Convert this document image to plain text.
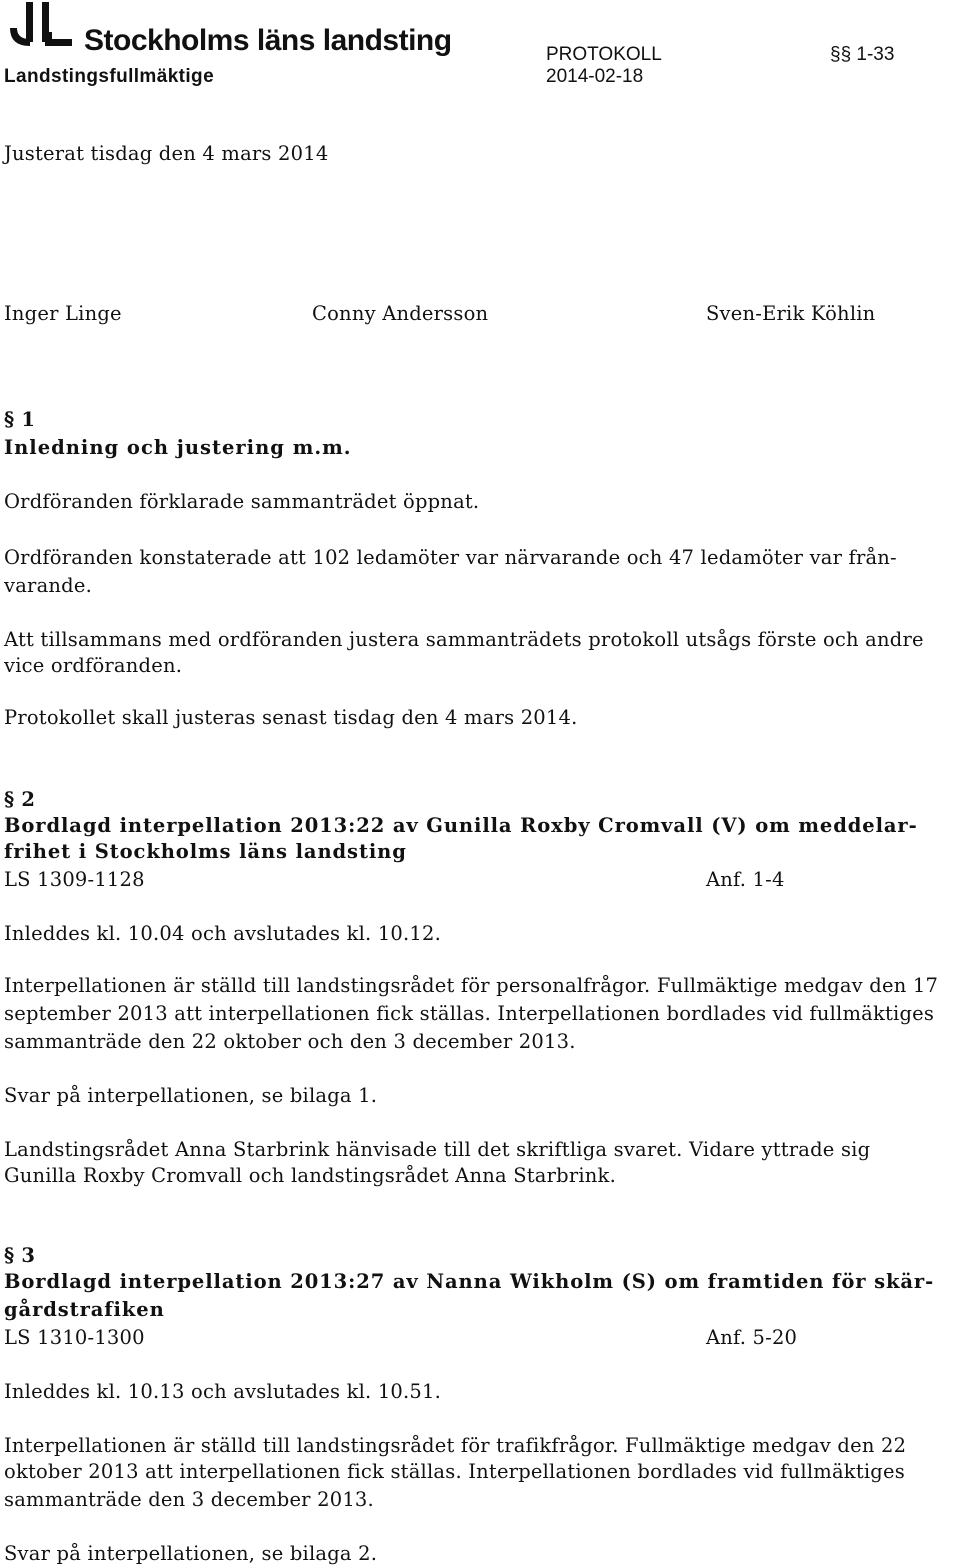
Stockholms läns landsting
Landstingsfullmäktige
PROTOKOLL
2014-02-18
§§ 1-33
Justerat tisdag den 4 mars 2014
Inger Linge	Conny Andersson	Sven-Erik Köhlin
§ 1
Inledning och justering m.m.
Ordföranden förklarade sammanträdet öppnat.
Ordföranden konstaterade att 102 ledamöter var närvarande och 47 ledamöter var från-
varande.
Att tillsammans med ordföranden justera sammanträdets protokoll utsågs förste och andre
vice ordföranden.
Protokollet skall justeras senast tisdag den 4 mars 2014.
§ 2
Bordlagd interpellation 2013:22 av Gunilla Roxby Cromvall (V) om meddelar-
frihet i Stockholms läns landsting
LS 1309-1128	Anf. 1-4
Inleddes kl. 10.04 och avslutades kl. 10.12.
Interpellationen är ställd till landstingsrådet för personalfrågor. Fullmäktige medgav den 17
september 2013 att interpellationen fick ställas. Interpellationen bordlades vid fullmäktiges
sammanträde den 22 oktober och den 3 december 2013.
Svar på interpellationen, se bilaga 1.
Landstingsrådet Anna Starbrink hänvisade till det skriftliga svaret. Vidare yttrade sig
Gunilla Roxby Cromvall och landstingsrådet Anna Starbrink.
§ 3
Bordlagd interpellation 2013:27 av Nanna Wikholm (S) om framtiden för skär-
gårdstrafiken
LS 1310-1300	Anf. 5-20
Inleddes kl. 10.13 och avslutades kl. 10.51.
Interpellationen är ställd till landstingsrådet för trafikfrågor. Fullmäktige medgav den 22
oktober 2013 att interpellationen fick ställas. Interpellationen bordlades vid fullmäktiges
sammanträde den 3 december 2013.
Svar på interpellationen, se bilaga 2.
